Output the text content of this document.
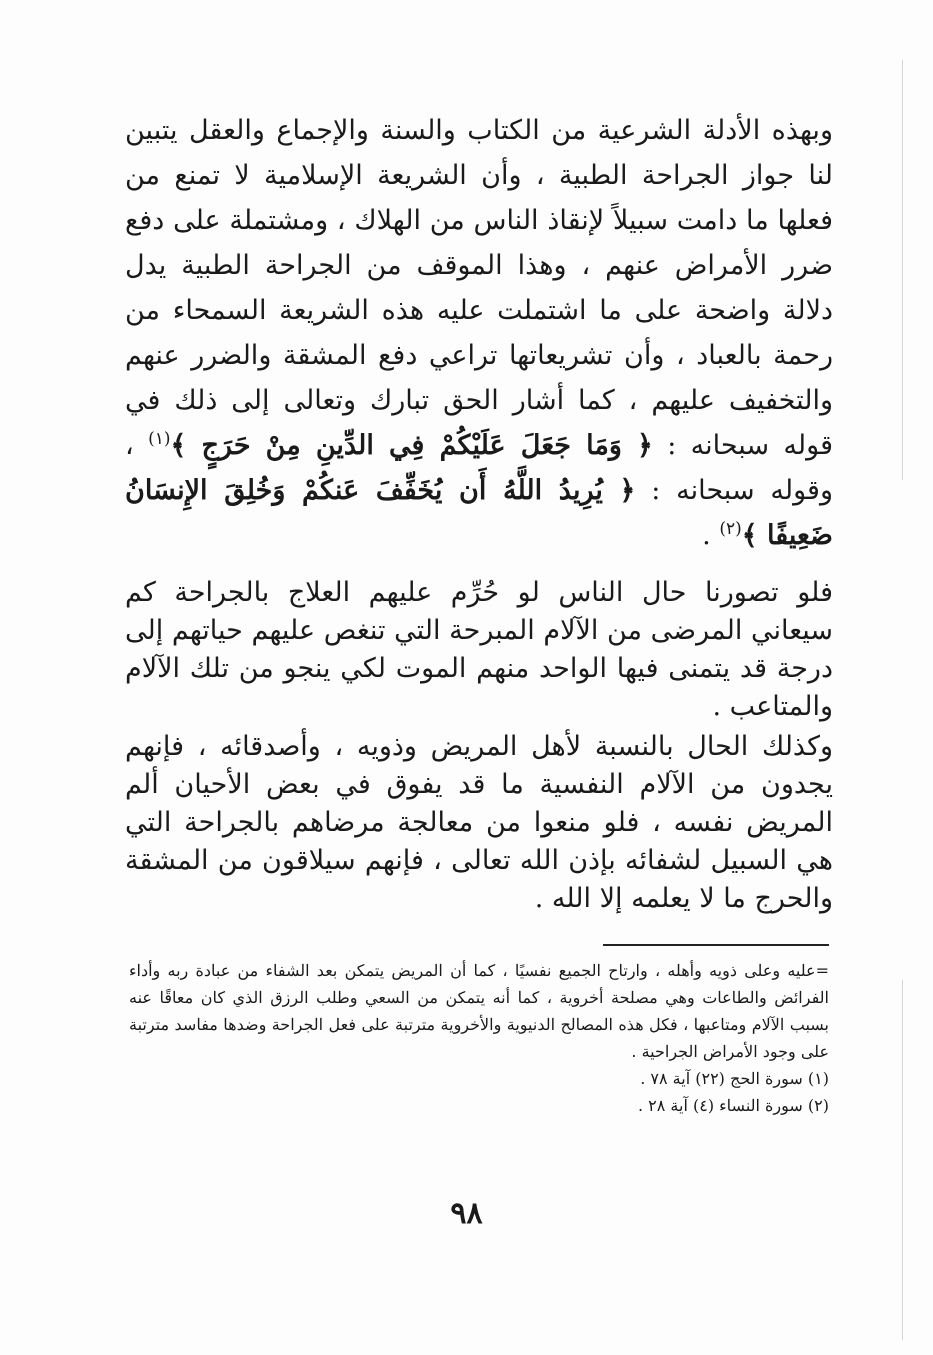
وبهذه الأدلة الشرعية من الكتاب والسنة والإجماع والعقل يتبين لنا جواز الجراحة الطبية ، وأن الشريعة الإسلامية لا تمنع من فعلها ما دامت سبيلاً لإنقاذ الناس من الهلاك ، ومشتملة على دفع ضرر الأمراض عنهم ، وهذا الموقف من الجراحة الطبية يدل دلالة واضحة على ما اشتملت عليه هذه الشريعة السمحاء من رحمة بالعباد ، وأن تشريعاتها تراعي دفع المشقة والضرر عنهم والتخفيف عليهم ، كما أشار الحق تبارك وتعالى إلى ذلك في قوله سبحانه : ﴿ وَمَا جَعَلَ عَلَيْكُمْ فِي الدِّينِ مِنْ حَرَجٍ ﴾$^{(١)}$ ، وقوله سبحانه : ﴿ يُرِيدُ اللَّهُ أَن يُخَفِّفَ عَنكُمْ وَخُلِقَ الإِنسَانُ ضَعِيفًا ﴾$^{(٢)}$ .

فلو تصورنا حال الناس لو حُرِّم عليهم العلاج بالجراحة كم سيعاني المرضى من الآلام المبرحة التي تنغص عليهم حياتهم إلى درجة قد يتمنى فيها الواحد منهم الموت لكي ينجو من تلك الآلام والمتاعب .

وكذلك الحال بالنسبة لأهل المريض وذويه ، وأصدقائه ، فإنهم يجدون من الآلام النفسية ما قد يفوق في بعض الأحيان ألم المريض نفسه ، فلو منعوا من معالجة مرضاهم بالجراحة التي هي السبيل لشفائه بإذن الله تعالى ، فإنهم سيلاقون من المشقة والحرج ما لا يعلمه إلا الله .

=عليه وعلى ذويه وأهله ، وارتاح الجميع نفسيًا ، كما أن المريض يتمكن بعد الشفاء من عبادة ربه وأداء الفرائض والطاعات وهي مصلحة أخروية ، كما أنه يتمكن من السعي وطلب الرزق الذي كان معاقًا عنه بسبب الآلام ومتاعبها ، فكل هذه المصالح الدنيوية والأخروية مترتبة على فعل الجراحة وضدها مفاسد مترتبة على وجود الأمراض الجراحية .

(١) سورة الحج (٢٢) آية ٧٨ .

(٢) سورة النساء (٤) آية ٢٨ .

٩٨
